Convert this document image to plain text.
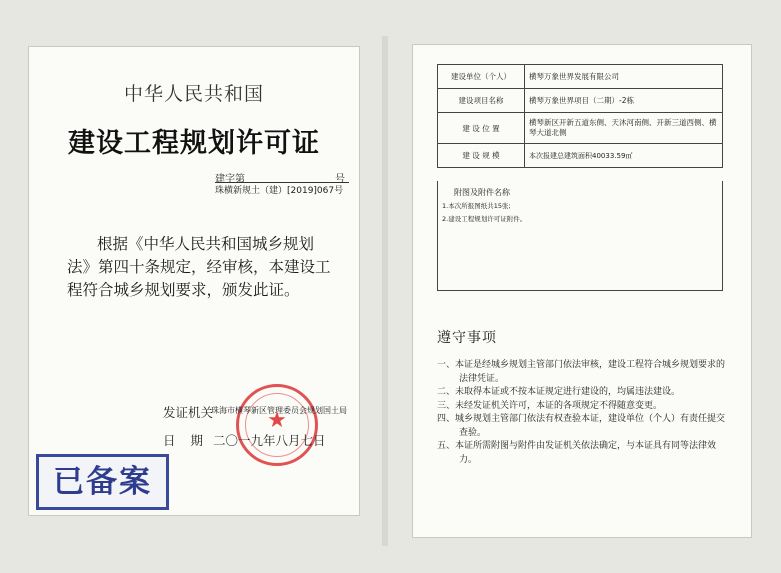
中华人民共和国
建设工程规划许可证
建字第	号
珠横新规土（建）[2019]067号
根据《中华人民共和国城乡规划法》第四十条规定，经审核，本建设工程符合城乡规划要求，颁发此证。
★
发证机关
珠海市横琴新区管理委员会规划国土局
日期
二〇一九年八月七日
已备案
建设单位（个人）	横琴万象世界发展有限公司
建设项目名称	横琴万象世界项目（二期）-2栋
建 设 位 置	横琴新区开新五道东侧、天沐河南侧、开新三道西侧、横琴大道北侧
建 设 规 模	本次报建总建筑面积40033.59㎡
附图及附件名称
1.本次所报图纸共15张;
2.建设工程规划许可证附件。
遵守事项
一、本证是经城乡规划主管部门依法审核，建设工程符合城乡规划要求的法律凭证。
二、未取得本证或不按本证规定进行建设的，均属违法建设。
三、未经发证机关许可，本证的各项规定不得随意变更。
四、城乡规划主管部门依法有权查验本证，建设单位（个人）有责任提交查验。
五、本证所需附图与附件由发证机关依法确定，与本证具有同等法律效力。
